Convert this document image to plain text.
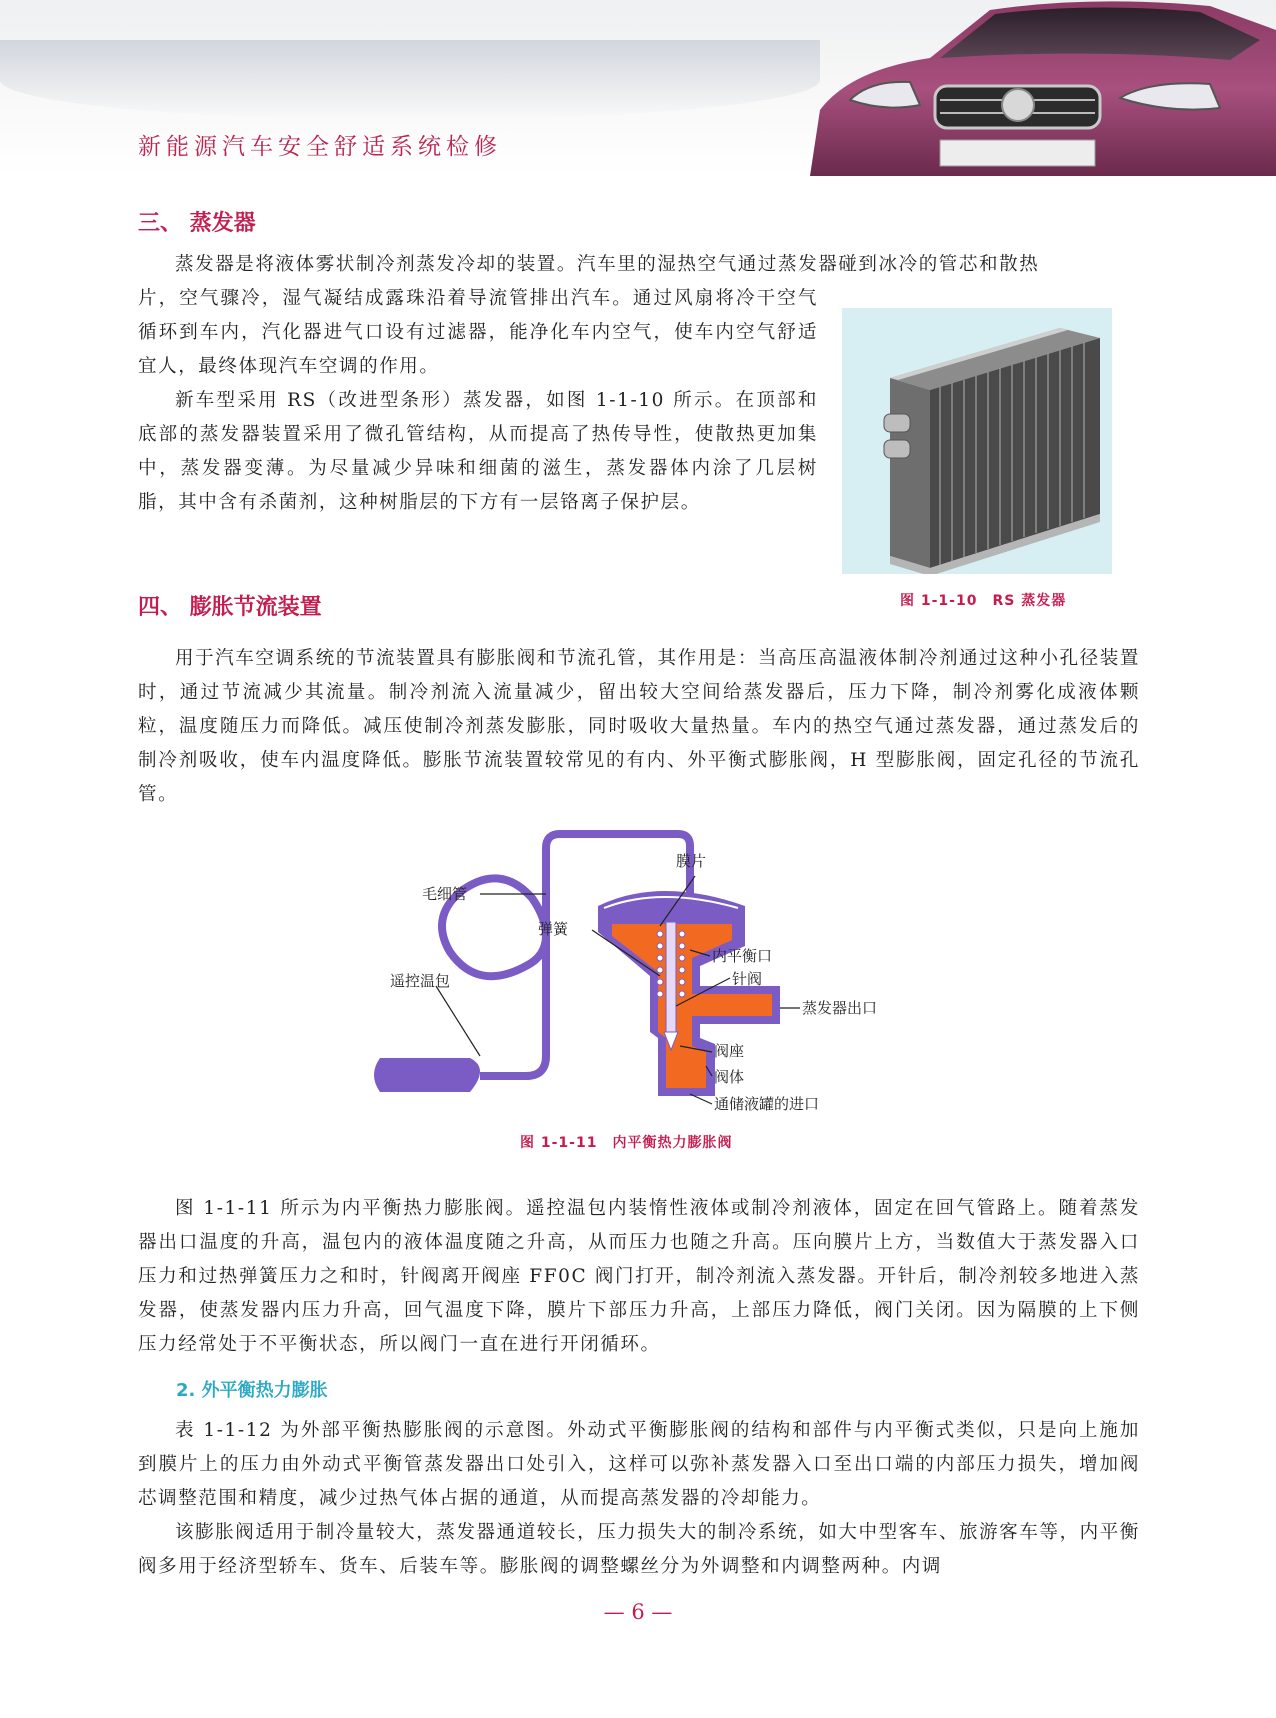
新能源汽车安全舒适系统检修
三、 蒸发器

蒸发器是将液体雾状制冷剂蒸发冷却的装置。汽车里的湿热空气通过蒸发器碰到冰冷的管芯和散热

片，空气骤冷，湿气凝结成露珠沿着导流管排出汽车。通过风扇将冷干空气循环到车内，汽化器进气口设有过滤器，能净化车内空气，使车内空气舒适宜人，最终体现汽车空调的作用。

新车型采用 RS（改进型条形）蒸发器，如图 1-1-10 所示。在顶部和底部的蒸发器装置采用了微孔管结构，从而提高了热传导性，使散热更加集中，蒸发器变薄。为尽量减少异味和细菌的滋生，蒸发器体内涂了几层树脂，其中含有杀菌剂，这种树脂层的下方有一层铬离子保护层。

图 1-1-10　RS 蒸发器
四、 膨胀节流装置

用于汽车空调系统的节流装置具有膨胀阀和节流孔管，其作用是：当高压高温液体制冷剂通过这种小孔径装置时，通过节流减少其流量。制冷剂流入流量减少，留出较大空间给蒸发器后，压力下降，制冷剂雾化成液体颗粒，温度随压力而降低。减压使制冷剂蒸发膨胀，同时吸收大量热量。车内的热空气通过蒸发器，通过蒸发后的制冷剂吸收，使车内温度降低。膨胀节流装置较常见的有内、外平衡式膨胀阀，H 型膨胀阀，固定孔径的节流孔管。

毛细管
膜片
弹簧
内平衡口
针阀
蒸发器出口
遥控温包
阀座
阀体
通储液罐的进口
图 1-1-11　内平衡热力膨胀阀

图 1-1-11 所示为内平衡热力膨胀阀。遥控温包内装惰性液体或制冷剂液体，固定在回气管路上。随着蒸发器出口温度的升高，温包内的液体温度随之升高，从而压力也随之升高。压向膜片上方，当数值大于蒸发器入口压力和过热弹簧压力之和时，针阀离开阀座 FF0C 阀门打开，制冷剂流入蒸发器。开针后，制冷剂较多地进入蒸发器，使蒸发器内压力升高，回气温度下降，膜片下部压力升高，上部压力降低，阀门关闭。因为隔膜的上下侧压力经常处于不平衡状态，所以阀门一直在进行开闭循环。

2. 外平衡热力膨胀

表 1-1-12 为外部平衡热膨胀阀的示意图。外动式平衡膨胀阀的结构和部件与内平衡式类似，只是向上施加到膜片上的压力由外动式平衡管蒸发器出口处引入，这样可以弥补蒸发器入口至出口端的内部压力损失，增加阀芯调整范围和精度，减少过热气体占据的通道，从而提高蒸发器的冷却能力。

该膨胀阀适用于制冷量较大，蒸发器通道较长，压力损失大的制冷系统，如大中型客车、旅游客车等，内平衡阀多用于经济型轿车、货车、后装车等。膨胀阀的调整螺丝分为外调整和内调整两种。内调

— 6 —
